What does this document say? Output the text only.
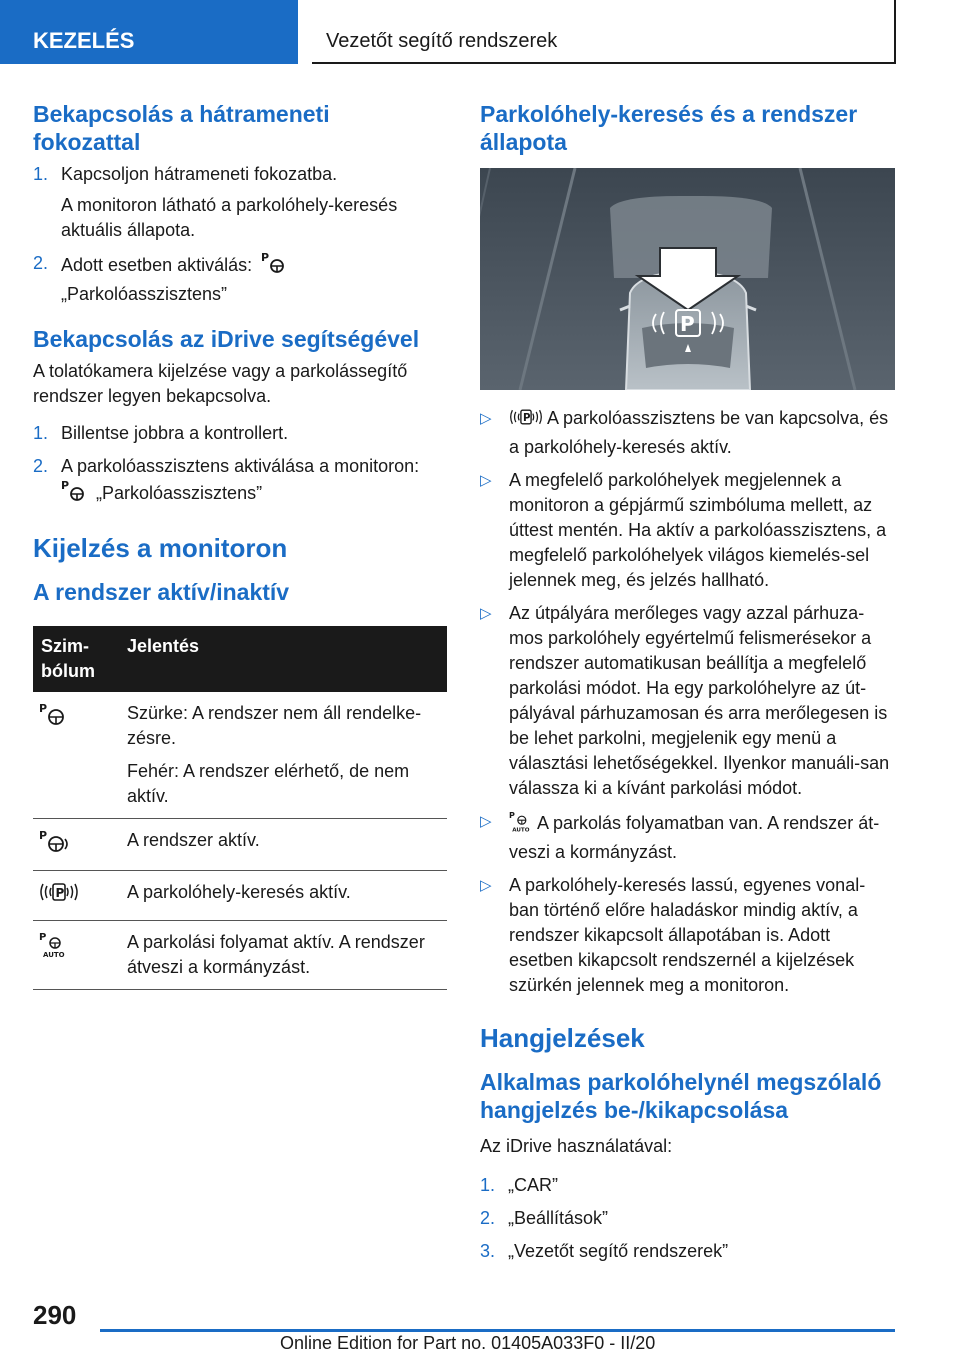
KEZELÉS	Vezetőt segítő rendszerek
Bekapcsolás a hátrameneti fokozattal
1. Kapcsoljon hátrameneti fokozatba.
A monitoron látható a parkolóhely-keresés aktuális állapota.
2. Adott esetben aktiválás: P
„Parkolóasszisztens”
Bekapcsolás az iDrive segítségével

A tolatókamera kijelzése vagy a parkolássegítő rendszer legyen bekapcsolva.

1. Billentse jobbra a kontrollert.
2. A parkolóasszisztens aktiválása a monitoron:
P „Parkolóasszisztens”
Kijelzés a monitoron
A rendszer aktív/inaktív
Szim-
bólum	Jelentés

P	Szürke: A rendszer nem áll rendelke-zésre.
Fehér: A rendszer elérhető, de nem aktív.

P	A rendszer aktív.

P	A parkolóhely-keresés aktív.

P
AUTO	A parkolási folyamat aktív. A rendszer átveszi a kormányzást.
Parkolóhely-keresés és a rendszer állapota
P
▷	P A parkolóasszisztens be van kapcsolva, és a parkolóhely-keresés aktív.
▷ A megfelelő parkolóhelyek megjelennek a monitoron a gépjármű szimbóluma mellett, az úttest mentén. Ha aktív a parkolóasszisztens, a megfelelő parkolóhelyek világos kiemelés-sel jelennek meg, és jelzés hallható.
▷ Az útpályára merőleges vagy azzal párhuza-mos parkolóhely egyértelmű felismerésekor a rendszer automatikusan beállítja a megfelelő parkolási módot. Ha egy parkolóhelyre az út-pályával párhuzamosan és arra merőlegesen is be lehet parkolni, megjelenik egy menü a választási lehetőségekkel. Ilyenkor manuáli-san válassza ki a kívánt parkolási módot.
▷ P
AUTO A parkolás folyamatban van. A rendszer át-veszi a kormányzást.
▷ A parkolóhely-keresés lassú, egyenes vonal-ban történő előre haladáskor mindig aktív, a rendszer kikapcsolt állapotában is. Adott esetben kikapcsolt rendszernél a kijelzések szürkén jelennek meg a monitoron.
Hangjelzések
Alkalmas parkolóhelynél megszólaló hangjelzés be-/kikapcsolása

Az iDrive használatával:

1. „CAR”
2. „Beállítások”
3. „Vezetőt segítő rendszerek”
290
Online Edition for Part no. 01405A033F0 - II/20
